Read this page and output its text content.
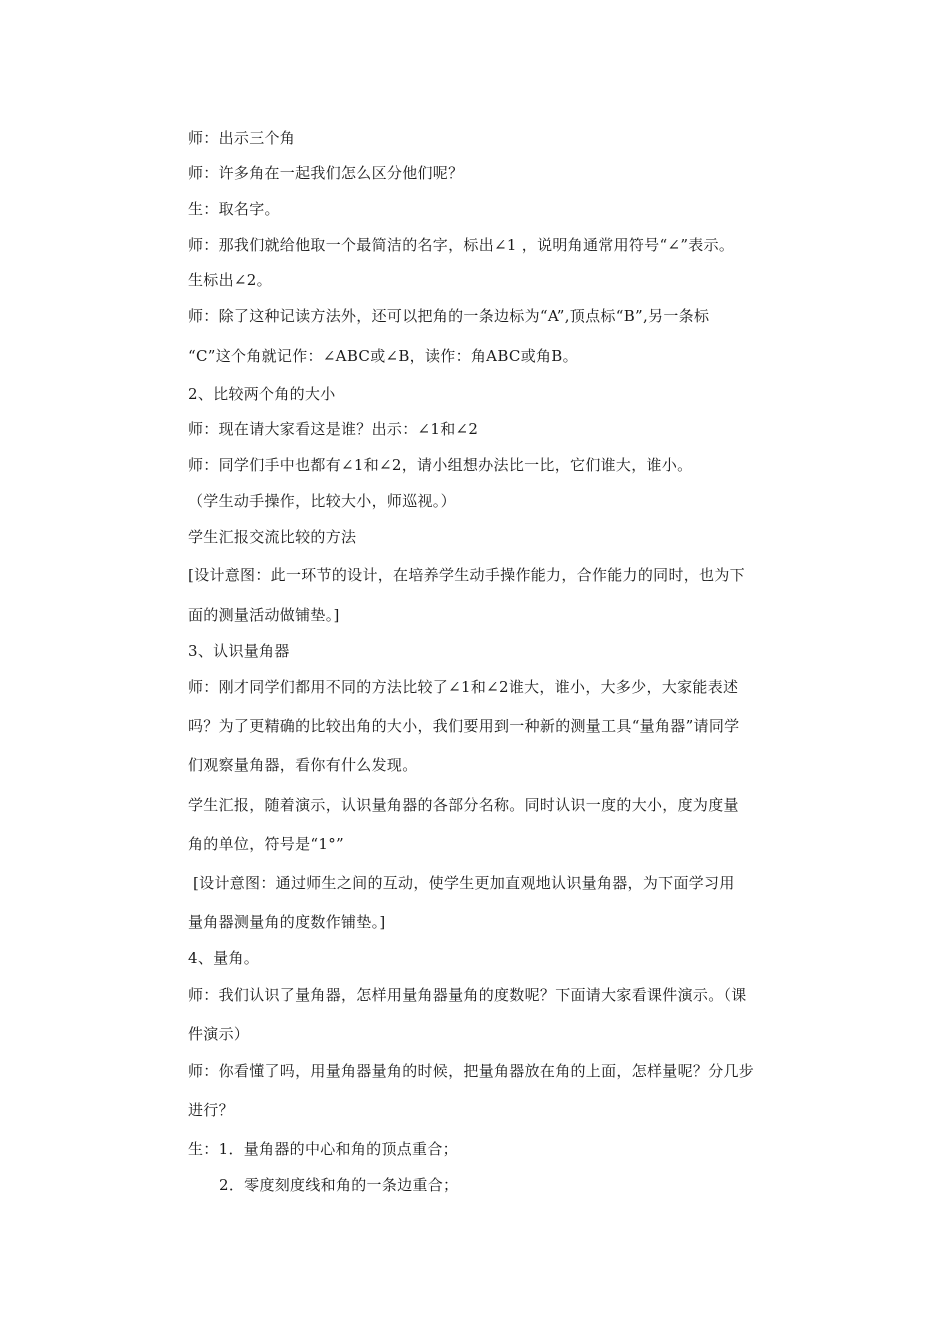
师：出示三个角
师：许多角在一起我们怎么区分他们呢？
生：取名字。
师：那我们就给他取一个最简洁的名字，标出∠1 ，说明角通常用符号“∠”表示。
生标出∠2。
师：除了这种记读方法外，还可以把角的一条边标为“A”,顶点标“B”,另一条标
“C”这个角就记作：∠ABC或∠B，读作：角ABC或角B。
2、比较两个角的大小
师：现在请大家看这是谁？出示：∠1和∠2
师：同学们手中也都有∠1和∠2，请小组想办法比一比，它们谁大，谁小。
（学生动手操作，比较大小，师巡视。）
学生汇报交流比较的方法
[设计意图：此一环节的设计，在培养学生动手操作能力，合作能力的同时，也为下
面的测量活动做铺垫。]
3、认识量角器
师：刚才同学们都用不同的方法比较了∠1和∠2谁大，谁小，大多少，大家能表述
吗？为了更精确的比较出角的大小，我们要用到一种新的测量工具“量角器”请同学
们观察量角器，看你有什么发现。
学生汇报，随着演示，认识量角器的各部分名称。同时认识一度的大小，度为度量
角的单位，符号是“1°”
[设计意图：通过师生之间的互动，使学生更加直观地认识量角器，为下面学习用
量角器测量角的度数作铺垫。]
4、量角。
师：我们认识了量角器，怎样用量角器量角的度数呢？下面请大家看课件演示。（课
件演示）
师：你看懂了吗，用量角器量角的时候，把量角器放在角的上面，怎样量呢？分几步
进行？
生：1．量角器的中心和角的顶点重合；
2．零度刻度线和角的一条边重合；
